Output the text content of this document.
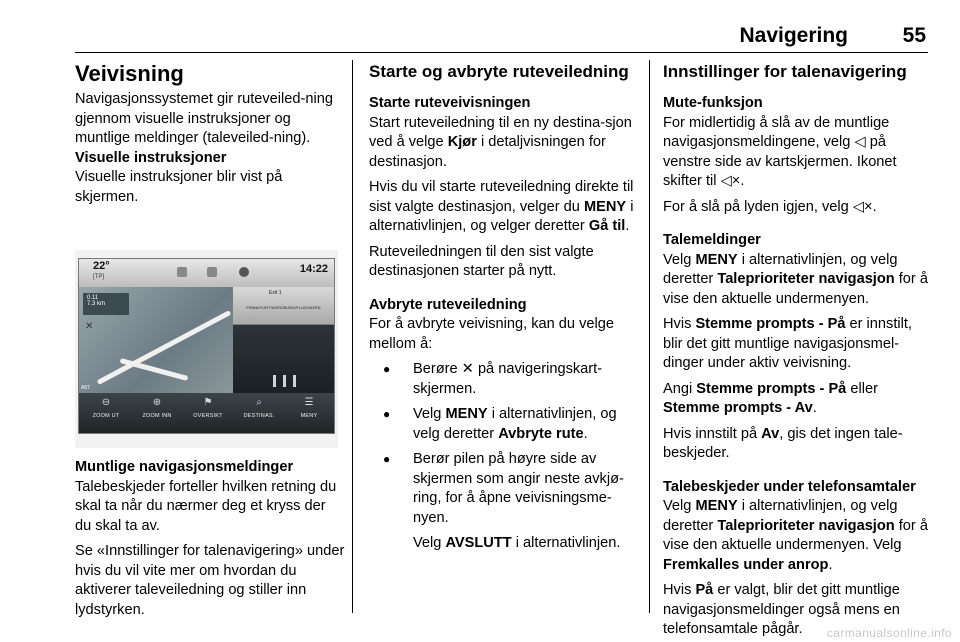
Navigering	55
Veivisning

Navigasjonssystemet gir ruteveiled-ning gjennom visuelle instruksjoner og muntlige meldinger (taleveiled-ning).

Visuelle instruksjoner

Visuelle instruksjoner blir vist på skjermen.

22°
[TP]
14:22
0.11
7.3 km
✕
A57
Exit 1
FRANKFURT/WÜRZBURG/FLUGHAFEN
⊖
ZOOM UT
⊕
ZOOM INN
⚑
OVERSIKT
⌕
DESTINAS.
☰
MENY
Muntlige navigasjonsmeldinger

Talebeskjeder forteller hvilken retning du skal ta når du nærmer deg et kryss der du skal ta av.

Se «Innstillinger for talenavigering» under hvis du vil vite mer om hvordan du aktiverer taleveiledning og stiller inn lydstyrken.

Starte og avbryte ruteveiledning
Starte ruteveivisningen

Start ruteveiledning til en ny destina-sjon ved å velge Kjør i detaljvisningen for destinasjon.

Hvis du vil starte ruteveiledning direkte til sist valgte destinasjon, velger du MENY i alternativlinjen, og velger deretter Gå til.

Ruteveiledningen til den sist valgte destinasjonen starter på nytt.

Avbryte ruteveiledning

For å avbryte veivisning, kan du velge mellom å:

● Berøre ✕ på navigeringskart-skjermen.

● Velg MENY i alternativlinjen, og velg deretter Avbryte rute.

● Berør pilen på høyre side av skjermen som angir neste avkjø-ring, for å åpne veivisningsme-nyen.

Velg AVSLUTT i alternativlinjen.

Innstillinger for talenavigering
Mute-funksjon

For midlertidig å slå av de muntlige navigasjonsmeldingene, velg ◁ på venstre side av kartskjermen. Ikonet skifter til ◁×.

For å slå på lyden igjen, velg ◁×.

Talemeldinger

Velg MENY i alternativlinjen, og velg deretter Taleprioriteter navigasjon for å vise den aktuelle undermenyen.

Hvis Stemme prompts - På er innstilt, blir det gitt muntlige navigasjonsmel-dinger under aktiv veivisning.

Angi Stemme prompts - På eller Stemme prompts - Av.

Hvis innstilt på Av, gis det ingen tale-beskjeder.

Talebeskjeder under telefonsamtaler

Velg MENY i alternativlinjen, og velg deretter Taleprioriteter navigasjon for å vise den aktuelle undermenyen. Velg Fremkalles under anrop.

Hvis På er valgt, blir det gitt muntlige navigasjonsmeldinger også mens en telefonsamtale pågår.	carmanualsonline.info
